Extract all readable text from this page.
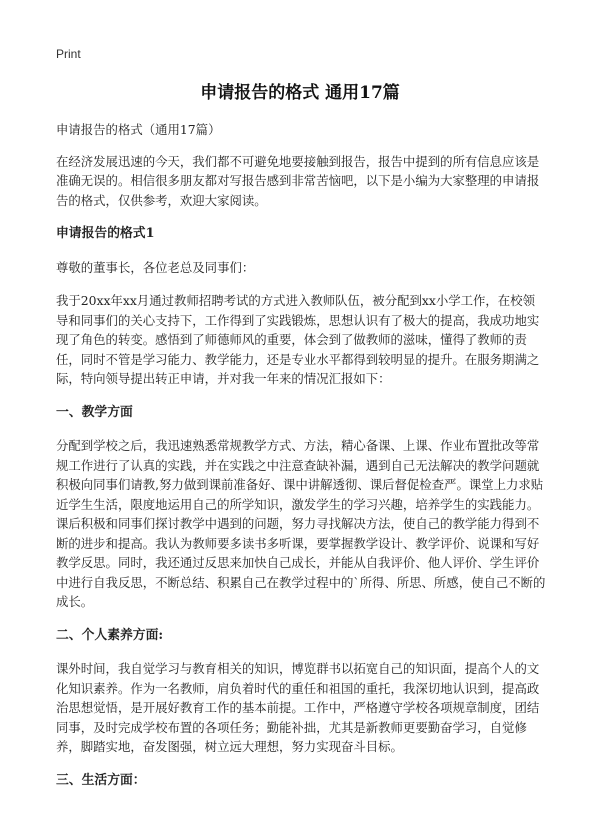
Print
申请报告的格式 通用17篇

申请报告的格式（通用17篇）

在经济发展迅速的今天，我们都不可避免地要接触到报告，报告中提到的所有信息应该是准确无误的。相信很多朋友都对写报告感到非常苦恼吧，以下是小编为大家整理的申请报告的格式，仅供参考，欢迎大家阅读。

申请报告的格式1

尊敬的董事长，各位老总及同事们：

我于20xx年xx月通过教师招聘考试的方式进入教师队伍，被分配到xx小学工作，在校领导和同事们的关心支持下，工作得到了实践锻炼，思想认识有了极大的提高，我成功地实现了角色的转变。感悟到了师德师风的重要，体会到了做教师的滋味，懂得了教师的责任，同时不管是学习能力、教学能力，还是专业水平都得到较明显的提升。在服务期满之际，特向领导提出转正申请，并对我一年来的情况汇报如下：

一、教学方面

分配到学校之后，我迅速熟悉常规教学方式、方法，精心备课、上课、作业布置批改等常规工作进行了认真的实践，并在实践之中注意查缺补漏，遇到自己无法解决的教学问题就积极向同事们请教,努力做到课前准备好、课中讲解透彻、课后督促检查严。课堂上力求贴近学生生活，限度地运用自己的所学知识，激发学生的学习兴趣，培养学生的实践能力。课后积极和同事们探讨教学中遇到的问题，努力寻找解决方法，使自己的教学能力得到不断的进步和提高。我认为教师要多读书多听课，要掌握教学设计、教学评价、说课和写好教学反思。同时，我还通过反思来加快自己成长，并能从自我评价、他人评价、学生评价中进行自我反思，不断总结、积累自己在教学过程中的`所得、所思、所感，使自己不断的成长。

二、个人素养方面:

课外时间，我自觉学习与教育相关的知识，博览群书以拓宽自己的知识面，提高个人的文化知识素养。作为一名教师，肩负着时代的重任和祖国的重托，我深切地认识到，提高政治思想觉悟，是开展好教育工作的基本前提。工作中，严格遵守学校各项规章制度，团结同事，及时完成学校布置的各项任务；勤能补拙，尤其是新教师更要勤奋学习，自觉修养，脚踏实地，奋发图强，树立远大理想，努力实现奋斗目标。

三、生活方面：
